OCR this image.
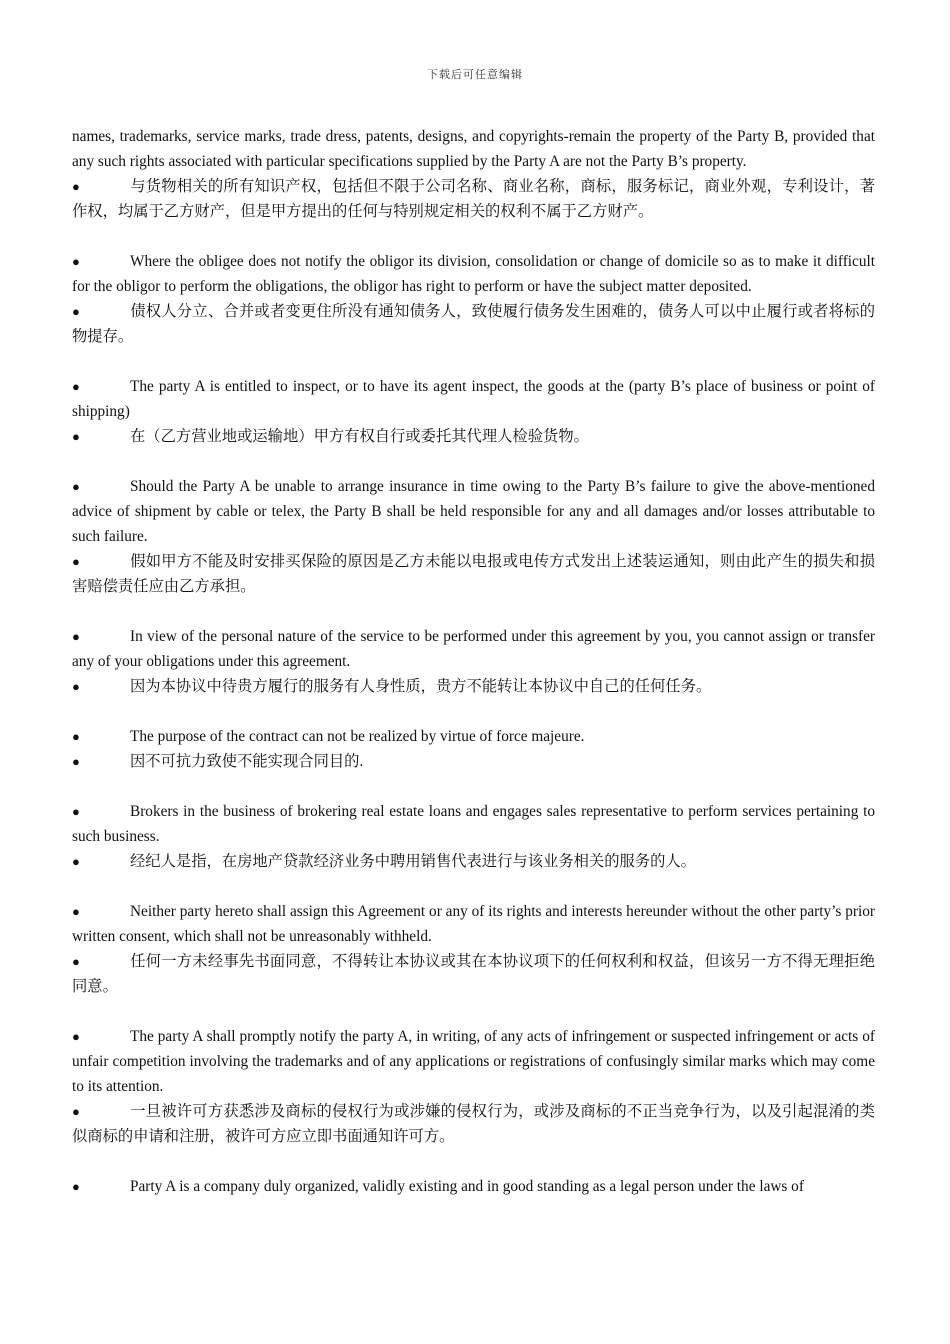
下载后可任意编辑

names, trademarks, service marks, trade dress, patents, designs, and copyrights-remain the property of the Party B, provided that any such rights associated with particular specifications supplied by the Party A are not the Party B’s property.

●	与货物相关的所有知识产权，包括但不限于公司名称、商业名称，商标，服务标记，商业外观，专利设计，著作权，均属于乙方财产，但是甲方提出的任何与特别规定相关的权利不属于乙方财产。

●	Where the obligee does not notify the obligor its division, consolidation or change of domicile so as to make it difficult for the obligor to perform the obligations, the obligor has right to perform or have the subject matter deposited.

●	债权人分立、合并或者变更住所没有通知债务人，致使履行债务发生困难的，债务人可以中止履行或者将标的物提存。

●	The party A is entitled to inspect, or to have its agent inspect, the goods at the (party B’s place of business or point of shipping)

●	在（乙方营业地或运输地）甲方有权自行或委托其代理人检验货物。

●	Should the Party A be unable to arrange insurance in time owing to the Party B’s failure to give the above-mentioned advice of shipment by cable or telex, the Party B shall be held responsible for any and all damages and/or losses attributable to such failure.

●	假如甲方不能及时安排买保险的原因是乙方未能以电报或电传方式发出上述装运通知，则由此产生的损失和损害赔偿责任应由乙方承担。

●	In view of the personal nature of the service to be performed under this agreement by you, you cannot assign or transfer any of your obligations under this agreement.

●	因为本协议中待贵方履行的服务有人身性质，贵方不能转让本协议中自己的任何任务。

●	The purpose of the contract can not be realized by virtue of force majeure.

●	因不可抗力致使不能实现合同目的.

●	Brokers in the business of brokering real estate loans and engages sales representative to perform services pertaining to such business.

●	经纪人是指，在房地产贷款经济业务中聘用销售代表进行与该业务相关的服务的人。

●	Neither party hereto shall assign this Agreement or any of its rights and interests hereunder without the other party’s prior written consent, which shall not be unreasonably withheld.

●	任何一方未经事先书面同意，不得转让本协议或其在本协议项下的任何权利和权益，但该另一方不得无理拒绝同意。

●	The party A shall promptly notify the party A, in writing, of any acts of infringement or suspected infringement or acts of unfair competition involving the trademarks and of any applications or registrations of confusingly similar marks which may come to its attention.

●	一旦被许可方获悉涉及商标的侵权行为或涉嫌的侵权行为，或涉及商标的不正当竞争行为，以及引起混淆的类似商标的申请和注册，被许可方应立即书面通知许可方。

●	Party A is a company duly organized, validly existing and in good standing as a legal person under the laws of
